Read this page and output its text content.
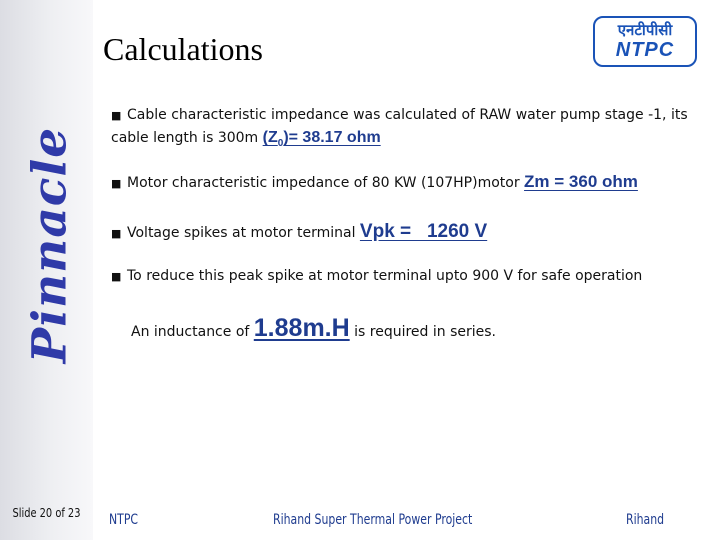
Pinnacle
Slide 20 of 23
Calculations
एनटीपीसी
NTPC
■ Cable characteristic impedance was calculated of RAW water pump stage -1, its cable length is 300m $(Z_0)= 38.17$ ohm
■ Motor characteristic impedance of 80 KW (107HP)motor Zm = 360 ohm
■ Voltage spikes at motor terminal Vpk =   1260 V
■ To reduce this peak spike at motor terminal upto 900 V for safe operation
An inductance of 1.88m.H is required in series.
NTPC	Rihand Super Thermal Power Project	Rihand
